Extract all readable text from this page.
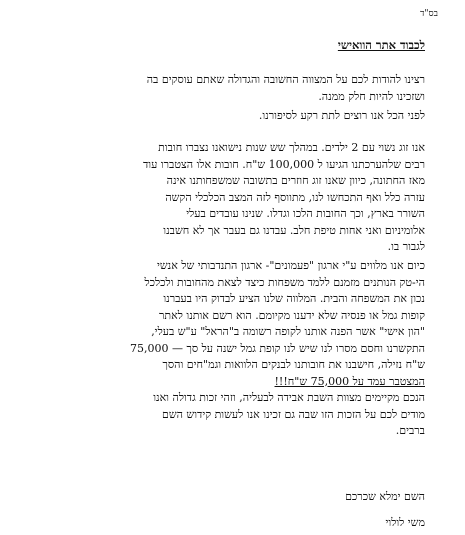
בס"ד
לכבוד אתר הוואישי
רצינו להודות לכם על המצווה החשובה והגדולה שאתם עוסקים בה
ושזכינו להיות חלק ממנה.
לפני הכל אנו רוצים לתת רקע לסיפורנו.
אנו זוג נשוי עם 2 ילדים. במהלך שש שנות נישואנו נצברו חובות
רבים שלהערכתנו הגיעו ל 100,000 ש"ח. חובות אלו הצטברו עוד
מאז החתונה, כיוון שאנו זוג חוזרים בתשובה שמשפחותנו אינה
עזרה כלל ואף התכחשו לנו, מתווסף לזה המצב הכלכלי הקשה
השורר בארץ, וכך החובות הלכו וגדלו. שנינו עובדים בעלי
אלומיניום ואני אחות טיפת חלב. עבדנו גם בעבר אך לא חשבנו
לגבור בו.
כיום אנו מלווים ע"י ארגון "פעמונים"- ארגון התנדבותי של אנשי
הי-טק הנותנים מזמנם ללמד משפחות כיצד לצאת מהחובות ולכלכל
נכון את המשפחה והבית. המלווה שלנו הציע לבדוק היו בעברנו
קופות גמל או פנסיה שלא ידענו מקיומם. הוא רשם אותנו לאתר
"הון אישי" אשר הפנה אותנו לקופה רשומה ב"הראל" ע"ש בעלי,
התקשרנו וחסם מסרו לנו שיש לנו קופת גמל ישנה על סך — 75,000
ש"ח נזילה, חישבנו את חובותנו לבנקים הלוואות וגמ"חים והסך
המצטבר עמד על 75,000 ש"ח!!!
הנכם מקיימים מצוות השבת אבידה לבעליה, וזהי זכות גדולה ואנו
מודים לכם על הזכות הזו שבה גם זכינו אנו לעשות קידוש השם
ברבים.
השם ימלא שכרכם
משי לולוי
